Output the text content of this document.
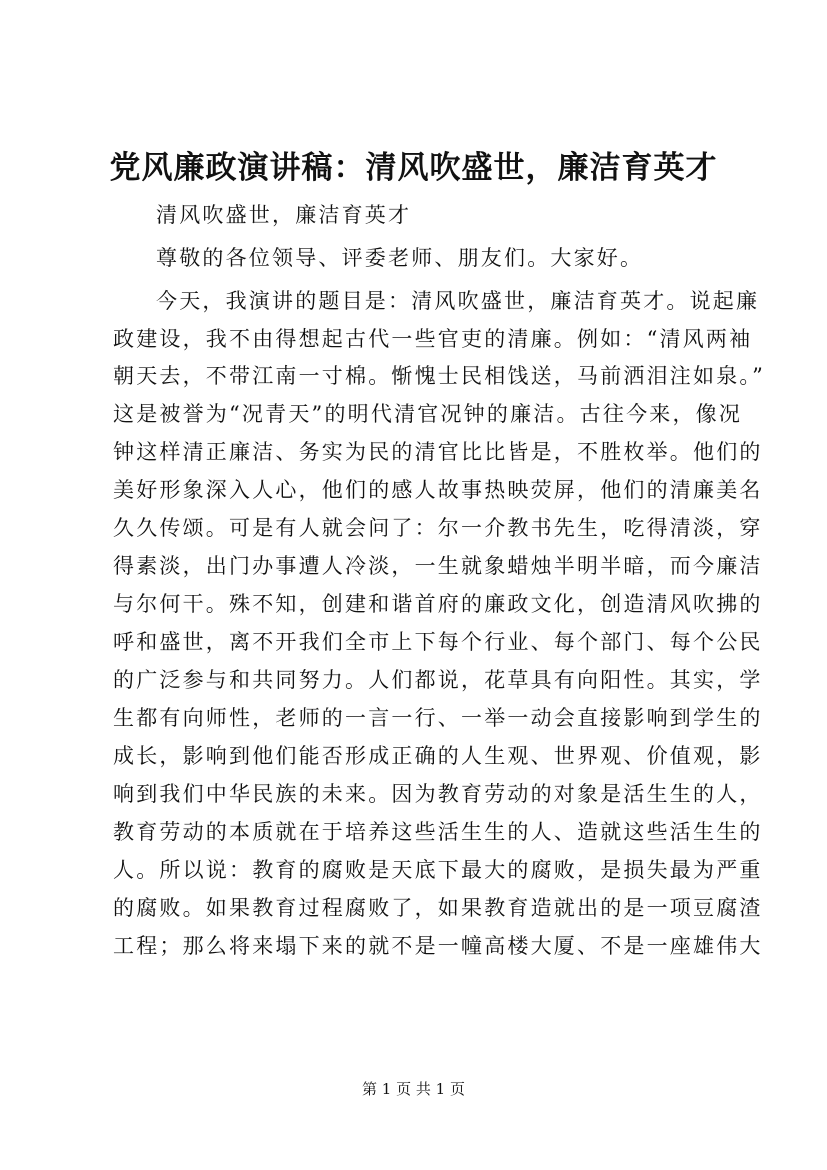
党风廉政演讲稿：清风吹盛世，廉洁育英才
清风吹盛世，廉洁育英才
尊敬的各位领导、评委老师、朋友们。大家好。
今天，我演讲的题目是：清风吹盛世，廉洁育英才。说起廉
政建设，我不由得想起古代一些官吏的清廉。例如：“清风两袖
朝天去，不带江南一寸棉。惭愧士民相饯送，马前洒泪注如泉。”
这是被誉为“况青天”的明代清官况钟的廉洁。古往今来，像况
钟这样清正廉洁、务实为民的清官比比皆是，不胜枚举。他们的
美好形象深入人心，他们的感人故事热映荧屏，他们的清廉美名
久久传颂。可是有人就会问了：尔一介教书先生，吃得清淡，穿
得素淡，出门办事遭人冷淡，一生就象蜡烛半明半暗，而今廉洁
与尔何干。殊不知，创建和谐首府的廉政文化，创造清风吹拂的
呼和盛世，离不开我们全市上下每个行业、每个部门、每个公民
的广泛参与和共同努力。人们都说，花草具有向阳性。其实，学
生都有向师性，老师的一言一行、一举一动会直接影响到学生的
成长，影响到他们能否形成正确的人生观、世界观、价值观，影
响到我们中华民族的未来。因为教育劳动的对象是活生生的人，
教育劳动的本质就在于培养这些活生生的人、造就这些活生生的
人。所以说：教育的腐败是天底下最大的腐败，是损失最为严重
的腐败。如果教育过程腐败了，如果教育造就出的是一项豆腐渣
工程；那么将来塌下来的就不是一幢高楼大厦、不是一座雄伟大
第 1 页 共 1 页
